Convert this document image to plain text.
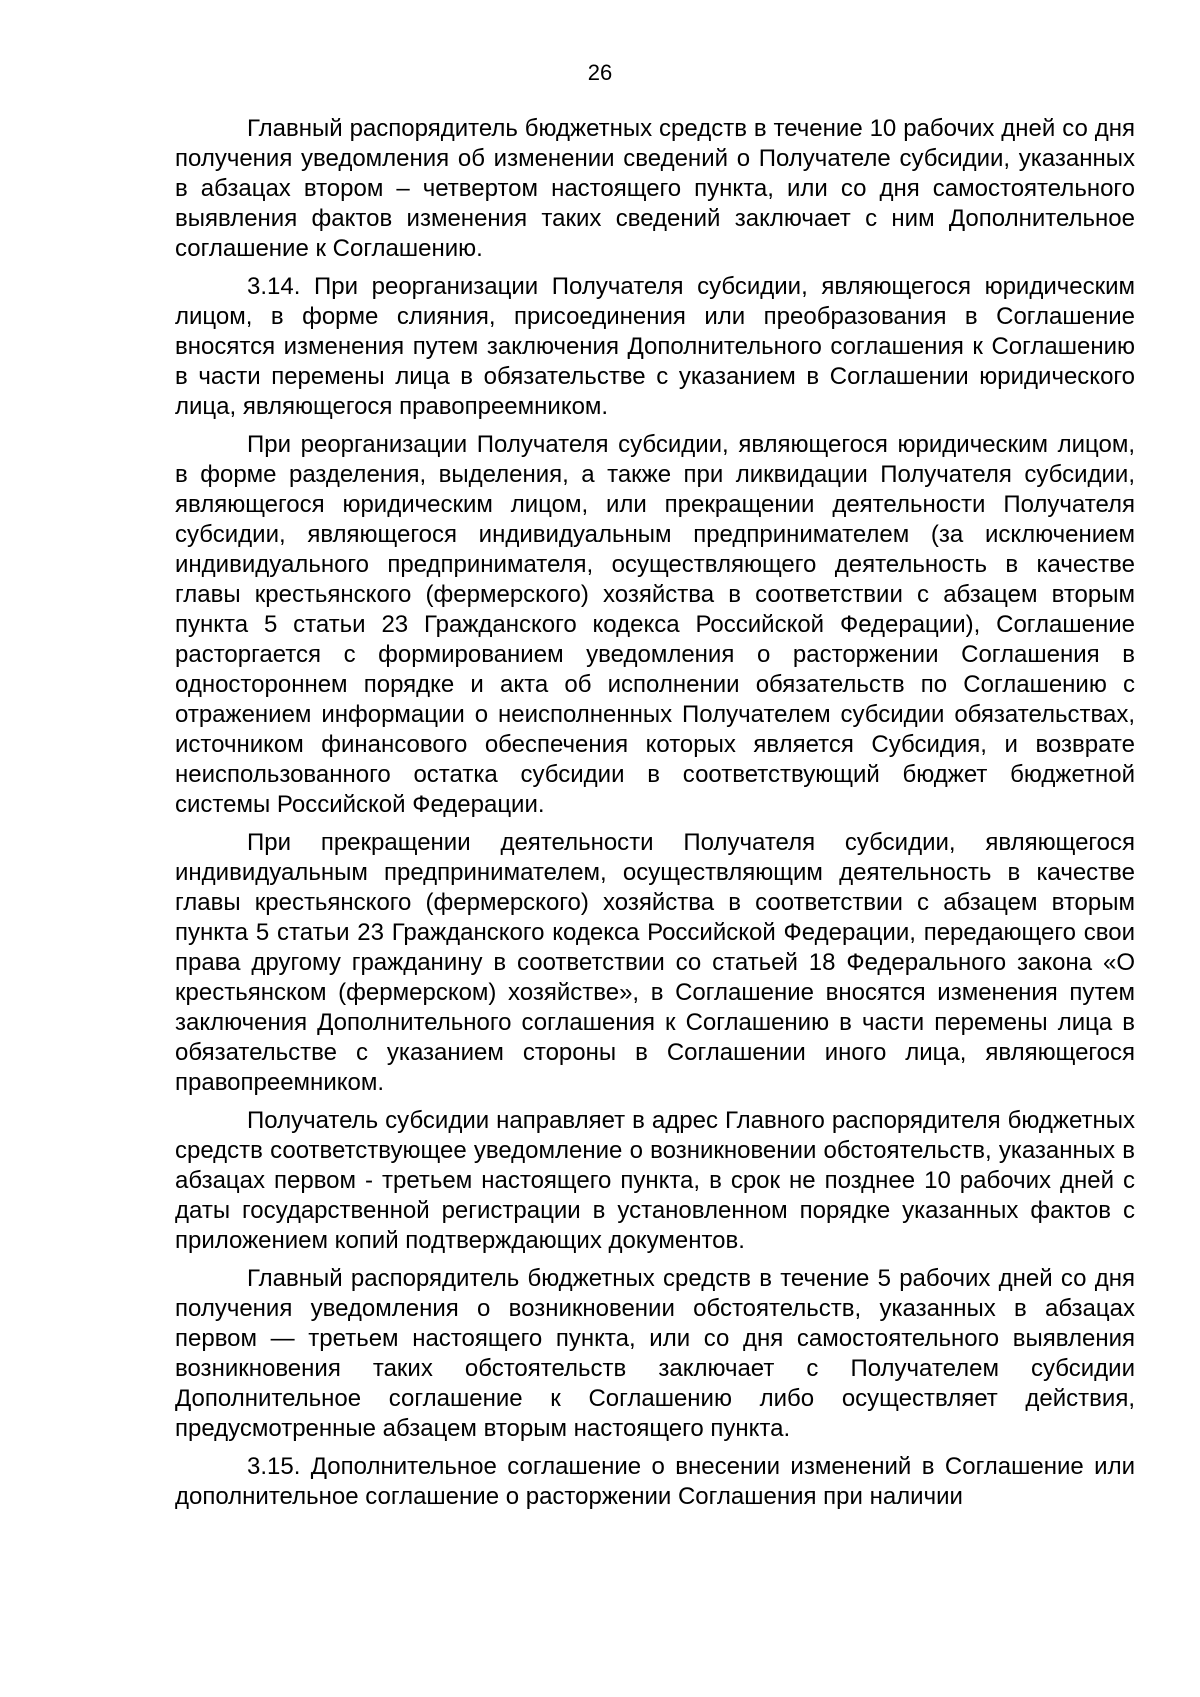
26

Главный распорядитель бюджетных средств в течение 10 рабочих дней со дня получения уведомления об изменении сведений о Получателе субсидии, указанных в абзацах втором – четвертом настоящего пункта, или со дня самостоятельного выявления фактов изменения таких сведений заключает с ним Дополнительное соглашение к Соглашению.

3.14. При реорганизации Получателя субсидии, являющегося юридическим лицом, в форме слияния, присоединения или преобразования в Соглашение вносятся изменения путем заключения Дополнительного соглашения к Соглашению в части перемены лица в обязательстве с указанием в Соглашении юридического лица, являющегося правопреемником.

При реорганизации Получателя субсидии, являющегося юридическим лицом, в форме разделения, выделения, а также при ликвидации Получателя субсидии, являющегося юридическим лицом, или прекращении деятельности Получателя субсидии, являющегося индивидуальным предпринимателем (за исключением индивидуального предпринимателя, осуществляющего деятельность в качестве главы крестьянского (фермерского) хозяйства в соответствии с абзацем вторым пункта 5 статьи 23 Гражданского кодекса Российской Федерации), Соглашение расторгается с формированием уведомления о расторжении Соглашения в одностороннем порядке и акта об исполнении обязательств по Соглашению с отражением информации о неисполненных Получателем субсидии обязательствах, источником финансового обеспечения которых является Субсидия, и возврате неиспользованного остатка субсидии в соответствующий бюджет бюджетной системы Российской Федерации.

При прекращении деятельности Получателя субсидии, являющегося индивидуальным предпринимателем, осуществляющим деятельность в качестве главы крестьянского (фермерского) хозяйства в соответствии с абзацем вторым пункта 5 статьи 23 Гражданского кодекса Российской Федерации, передающего свои права другому гражданину в соответствии со статьей 18 Федерального закона «О крестьянском (фермерском) хозяйстве», в Соглашение вносятся изменения путем заключения Дополнительного соглашения к Соглашению в части перемены лица в обязательстве с указанием стороны в Соглашении иного лица, являющегося правопреемником.

Получатель субсидии направляет в адрес Главного распорядителя бюджетных средств соответствующее уведомление о возникновении обстоятельств, указанных в абзацах первом - третьем настоящего пункта, в срок не позднее 10 рабочих дней с даты государственной регистрации в установленном порядке указанных фактов с приложением копий подтверждающих документов.

Главный распорядитель бюджетных средств в течение 5 рабочих дней со дня получения уведомления о возникновении обстоятельств, указанных в абзацах первом — третьем настоящего пункта, или со дня самостоятельного выявления возникновения таких обстоятельств заключает с Получателем субсидии Дополнительное соглашение к Соглашению либо осуществляет действия, предусмотренные абзацем вторым настоящего пункта.

3.15. Дополнительное соглашение о внесении изменений в Соглашение или дополнительное соглашение о расторжении Соглашения при наличии
